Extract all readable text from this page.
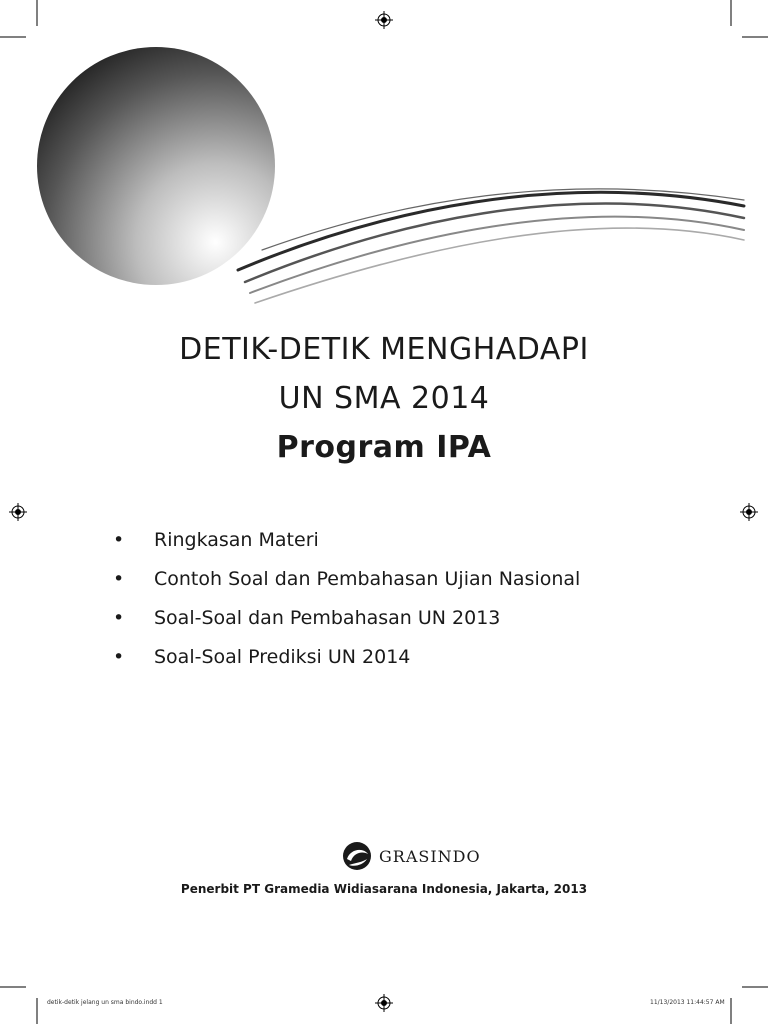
DETIK-DETIK MENGHADAPI
UN SMA 2014
Program IPA
• Ringkasan Materi
• Contoh Soal dan Pembahasan Ujian Nasional
• Soal-Soal dan Pembahasan UN 2013
• Soal-Soal Prediksi UN 2014
GRASINDO
Penerbit PT Gramedia Widiasarana Indonesia, Jakarta, 2013
detik-detik jelang un sma bindo.indd 1	11/13/2013 11:44:57 AM
